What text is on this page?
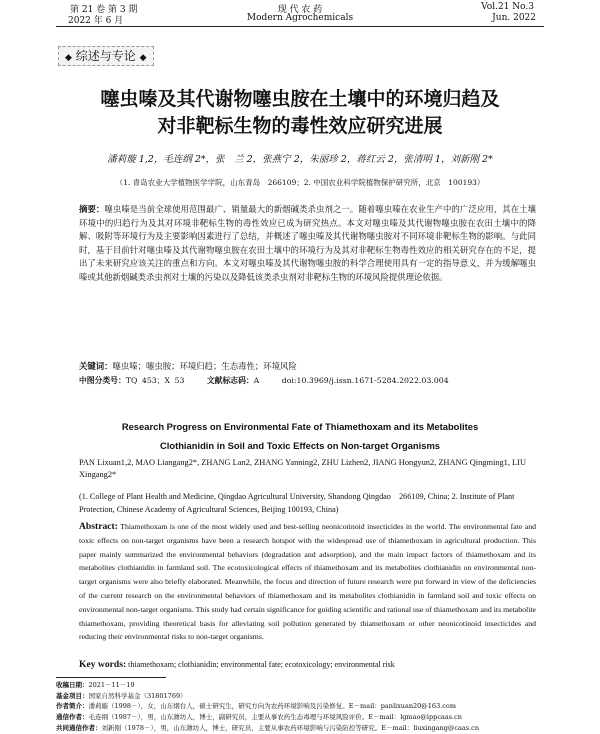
第 21 卷 第 3 期	现 代 农 药	Vol.21 No.3
2022 年 6 月	Modern Agrochemicals	Jun. 2022
◆ 综述与专论 ◆
噻虫嗪及其代谢物噻虫胺在土壤中的环境归趋及
对非靶标生物的毒性效应研究进展
潘莉璇 1,2，毛连纲 2*，张　兰 2，张燕宁 2，朱丽珍 2，蒋红云 2，张清明 1，刘新刚 2*
（1. 青岛农业大学植物医学学院，山东青岛　266109；2. 中国农业科学院植物保护研究所，北京　100193）
摘要：噻虫嗪是当前全球使用范围最广、销量最大的新烟碱类杀虫剂之一。随着噻虫嗪在农业生产中的广泛应用，其在土壤环境中的归趋行为及其对环境非靶标生物的毒性效应已成为研究热点。本文对噻虫嗪及其代谢物噻虫胺在农田土壤中的降解、吸附等环境行为及主要影响因素进行了总结，并概述了噻虫嗪及其代谢物噻虫胺对不同环境非靶标生物的影响。与此同时，基于目前针对噻虫嗪及其代谢物噻虫胺在农田土壤中的环境行为及其对非靶标生物毒性效应的相关研究存在的不足，提出了未来研究应该关注的重点和方向。本文对噻虫嗪及其代谢物噻虫胺的科学合理使用具有一定的指导意义，并为缓解噻虫嗪或其他新烟碱类杀虫剂对土壤的污染以及降低该类杀虫剂对非靶标生物的环境风险提供理论依据。
关键词：噻虫嗪；噻虫胺；环境归趋；生态毒性；环境风险
中图分类号：TQ 453；X 53	文献标志码：A	doi:10.3969/j.issn.1671-5284.2022.03.004
Research Progress on Environmental Fate of Thiamethoxam and its Metabolites
Clothianidin in Soil and Toxic Effects on Non-target Organisms
PAN Lixuan1,2, MAO Liangang2*, ZHANG Lan2, ZHANG Yanning2, ZHU Lizhen2, JIANG Hongyun2, ZHANG Qingming1, LIU Xingang2*
(1. College of Plant Health and Medicine, Qingdao Agricultural University, Shandong Qingdao　266109, China; 2. Institute of Plant Protection, Chinese Academy of Agricultural Sciences, Beijing 100193, China)
Abstract: Thiamethoxam is one of the most widely used and best-selling neonicotinoid insecticides in the world. The environmental fate and toxic effects on non-target organisms have been a research hotspot with the widespread use of thiamethoxam in agricultural production. This paper mainly summarized the environmental behaviors (degradation and adsorption), and the main impact factors of thiamethoxam and its metabolites clothianidin in farmland soil. The ecotoxicological effects of thiamethoxam and its metabolites clothianidin on environmental non-target organisms were also briefly elaborated. Meanwhile, the focus and direction of future research were put forward in view of the deficiencies of the current research on the environmental behaviors of thiamethoxam and its metabolites clothianidin in farmland soil and toxic effects on environmental non-target organisms. This study had certain significance for guiding scientific and rational use of thiamethoxam and its metabolite thiamethoxam, providing theoretical basis for alleviating soil pollution generated by thiamethoxam or other neonicotinoid insecticides and reducing their environmental risks to non-target organisms.
Key words: thiamethoxam; clothianidin; environmental fate; ecotoxicology; environmental risk
收稿日期：2021－11－19
基金项目：国家自然科学基金（31801769）
作者简介：潘莉璇（1998－），女，山东烟台人，硕士研究生，研究方向为农药环境影响及污染修复。E－mail：panlixuan20@163.com
通信作者：毛连纲（1987－），男，山东潍坊人，博士，副研究员，主要从事农药生态毒理与环境风险评价。E－mail：lgmao@ippcaas.cn
共同通信作者：刘新刚（1978－），男，山东潍坊人，博士，研究员，主要从事农药环境影响与污染防控等研究。E－mail：liuxingang@caas.cn
